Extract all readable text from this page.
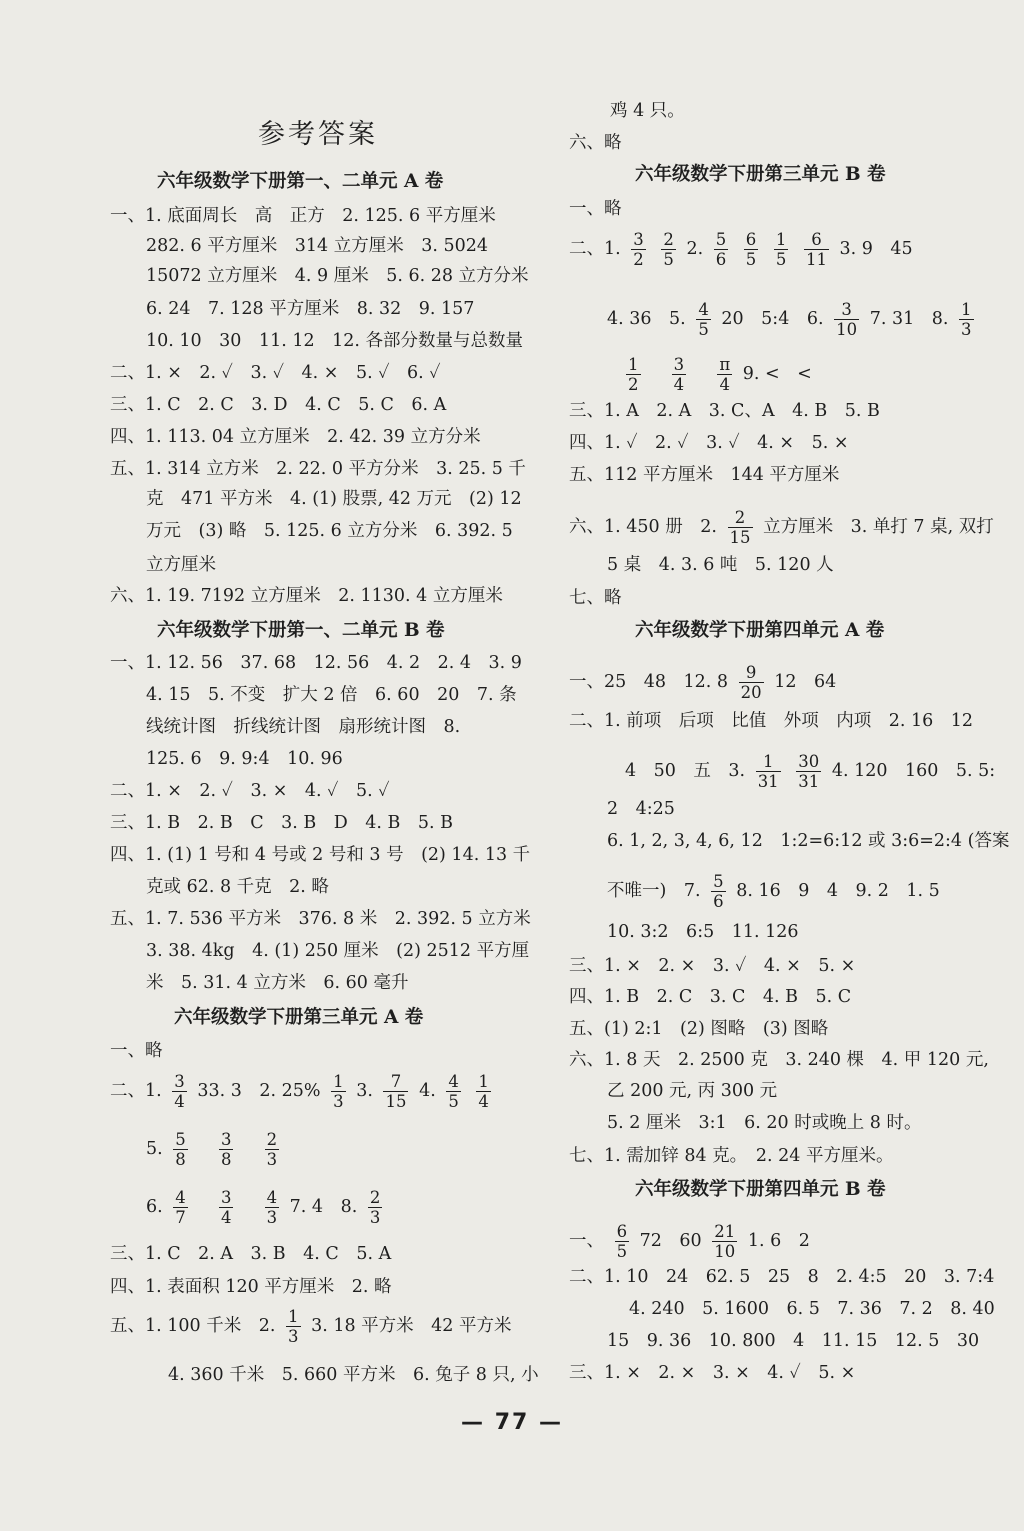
参考答案
六年级数学下册第一、二单元 A 卷
一、1. 底面周长　高　正方　2. 125. 6 平方厘米
282. 6 平方厘米　314 立方厘米　3. 5024
15072 立方厘米　4. 9 厘米　5. 6. 28 立方分米
6. 24　7. 128 平方厘米　8. 32　9. 157
10. 10　30　11. 12　12. 各部分数量与总数量
二、1. ×　2. ✓　3. ✓　4. ×　5. ✓　6. ✓
三、1. C　2. C　3. D　4. C　5. C　6. A
四、1. 113. 04 立方厘米　2. 42. 39 立方分米
五、1. 314 立方米　2. 22. 0 平方分米　3. 25. 5 千
克　471 平方米　4. (1) 股票, 42 万元　(2) 12
万元　(3) 略　5. 125. 6 立方分米　6. 392. 5
立方厘米
六、1. 19. 7192 立方厘米　2. 1130. 4 立方厘米
六年级数学下册第一、二单元 B 卷
一、1. 12. 56　37. 68　12. 56　4. 2　2. 4　3. 9
4. 15　5. 不变　扩大 2 倍　6. 60　20　7. 条
线统计图　折线统计图　扇形统计图　8.
125. 6　9. 9:4　10. 96
二、1. ×　2. ✓　3. ×　4. ✓　5. ✓
三、1. B　2. B　C　3. B　D　4. B　5. B
四、1. (1) 1 号和 4 号或 2 号和 3 号　(2) 14. 13 千
克或 62. 8 千克　2. 略
五、1. 7. 536 平方米　376. 8 米　2. 392. 5 立方米
3. 38. 4kg　4. (1) 250 厘米　(2) 2512 平方厘
米　5. 31. 4 立方米　6. 60 毫升
六年级数学下册第三单元 A 卷
一、略
二、1. $\frac{3}{4} 33$. 3　2. $25\% \frac{1}{3} 3$. $\frac{7}{15} 4$. $\frac{4}{5}$
$\frac{1}{4}$
5. $\frac{5}{8}$
$\frac{3}{8}$
$\frac{2}{3}$
6. $\frac{4}{7}$
$\frac{3}{4}$
$\frac{4}{3} 7$. 4　8. $\frac{2}{3}$
三、1. C　2. A　3. B　4. C　5. A
四、1. 表面积 120 平方厘米　2. 略
五、1. 100 千米　2. $\frac{1}{3} 3$. 18 平方米　42 平方米
4. 360 千米　5. 660 平方米　6. 兔子 8 只, 小
鸡 4 只。
六、略
六年级数学下册第三单元 B 卷
一、略
二、1. $\frac{3}{2}$
$\frac{2}{5} 2$. $\frac{5}{6}$
$\frac{6}{5}$
$\frac{1}{5}$
$\frac{6}{11} 3$. 9　45
4. 36　5. $\frac{4}{5} 20$　5:4　6. $\frac{3}{10} 7$. 31　8. $\frac{1}{3}$
$\frac{1}{2}$
$\frac{3}{4}$
$\frac{\pi}{4} 9$. <　<
三、1. A　2. A　3. C、A　4. B　5. B
四、1. ✓　2. ✓　3. ✓　4. ×　5. ×
五、112 平方厘米　144 平方厘米
六、1. 450 册　2. $\frac{2}{15}$ 立方厘米　3. 单打 7 桌, 双打
5 桌　4. 3. 6 吨　5. 120 人
七、略
六年级数学下册第四单元 A 卷
一、25　48　12. $8 \frac{9}{20} 12$　64
二、1. 前项　后项　比值　外项　内项　2. 16　12
4　50　五　3. $\frac{1}{31}$
$\frac{30}{31} 4$. 120　160　5. 5:
2　4:25
6. 1, 2, 3, 4, 6, 12　1:2=6:12 或 3:6=2:4 (答案
不唯一)　7. $\frac{5}{6} 8$. 16　9　4　9. 2　1. 5
10. 3:2　6:5　11. 126
三、1. ×　2. ×　3. ✓　4. ×　5. ×
四、1. B　2. C　3. C　4. B　5. C
五、(1) 2:1　(2) 图略　(3) 图略
六、1. 8 天　2. 2500 克　3. 240 棵　4. 甲 120 元,
乙 200 元, 丙 300 元
5. 2 厘米　3:1　6. 20 时或晚上 8 时。
七、1. 需加锌 84 克。　2. 24 平方厘米。
六年级数学下册第四单元 B 卷
一、 $\frac{6}{5} 72$　$60 \frac{21}{10} 1$. 6　2
二、1. 10　24　62. 5　25　8　2. 4:5　20　3. 7:4
4. 240　5. 1600　6. 5　7. 36　7. 2　8. 40
15　9. 36　10. 800　4　11. 15　12. 5　30
三、1. ×　2. ×　3. ×　4. ✓　5. ×
— 77 —
